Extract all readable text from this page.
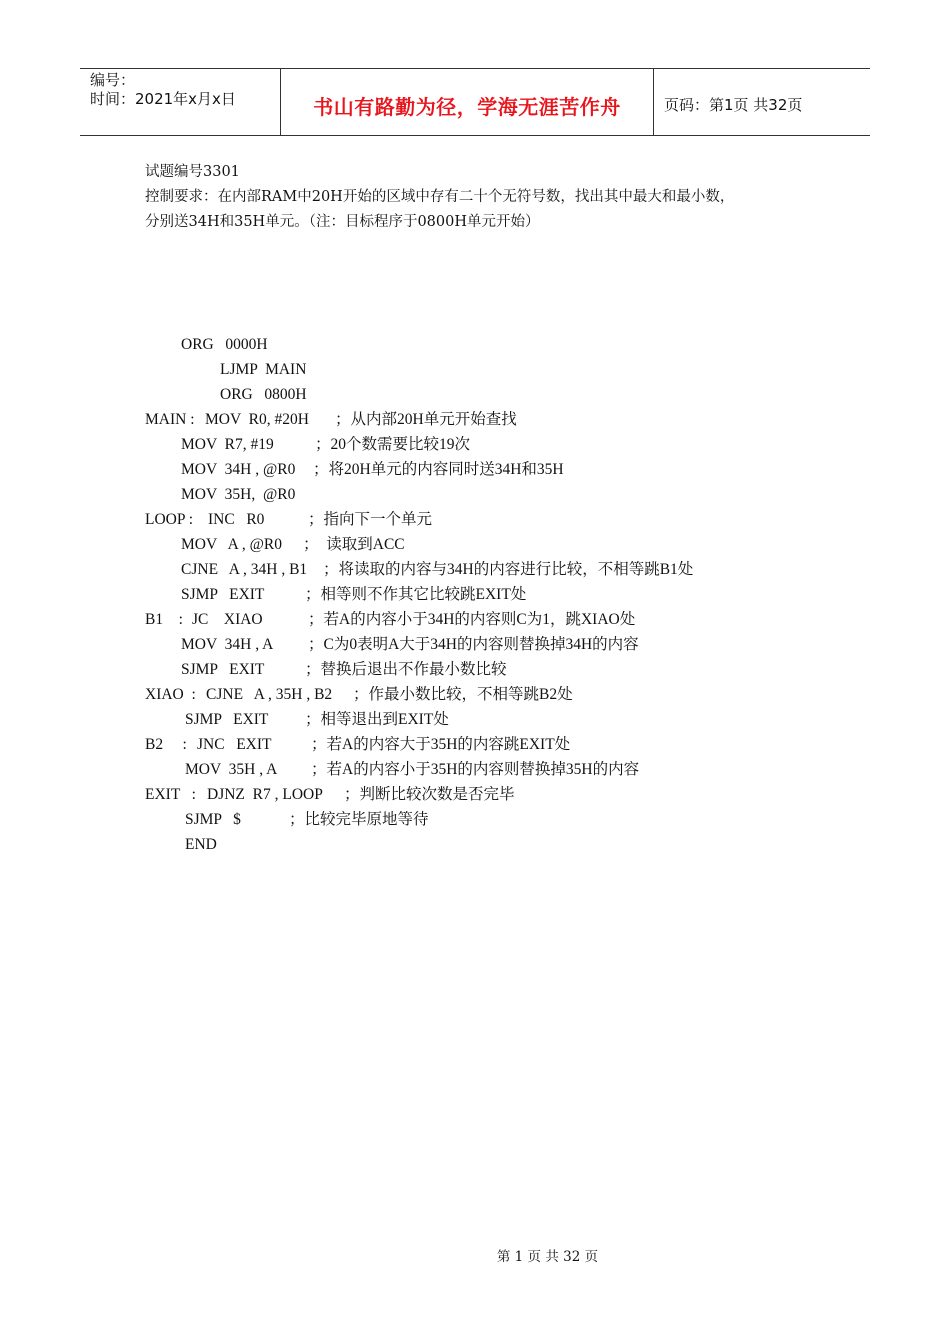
编号：
时间：2021年x月x日	书山有路勤为径，学海无涯苦作舟	页码：第1页 共32页
试题编号3301
控制要求：在内部RAM中20H开始的区域中存有二十个无符号数，找出其中最大和最小数，
分别送34H和35H单元。（注：目标程序于0800H单元开始）
ORG   0000H
LJMP  MAIN
ORG   0800H
MAIN : MOV  R0, #20H ；从内部20H单元开始查找
MOV  R7, #19	；20个数需要比较19次
MOV  34H , @R0 ；将20H单元的内容同时送34H和35H
MOV  35H,  @R0
LOOP : INC   R0	；指向下一个单元
MOV   A , @R0 ；  读取到ACC
CJNE   A , 34H , B1 ；将读取的内容与34H的内容进行比较，不相等跳B1处
SJMP   EXIT	；相等则不作其它比较跳EXIT处
B1    : JC    XIAO	；若A的内容小于34H的内容则C为1，跳XIAO处
MOV  34H , A ；C为0表明A大于34H的内容则替换掉34H的内容
SJMP   EXIT	；替换后退出不作最小数比较
XIAO  : CJNE   A , 35H , B2 ；作最小数比较，不相等跳B2处
SJMP   EXIT ；相等退出到EXIT处
B2     : JNC   EXIT	；若A的内容大于35H的内容跳EXIT处
MOV  35H , A ；若A的内容小于35H的内容则替换掉35H的内容
EXIT   : DJNZ  R7 , LOOP ；判断比较次数是否完毕
SJMP   $	；比较完毕原地等待
END
第 1 页 共 32 页
